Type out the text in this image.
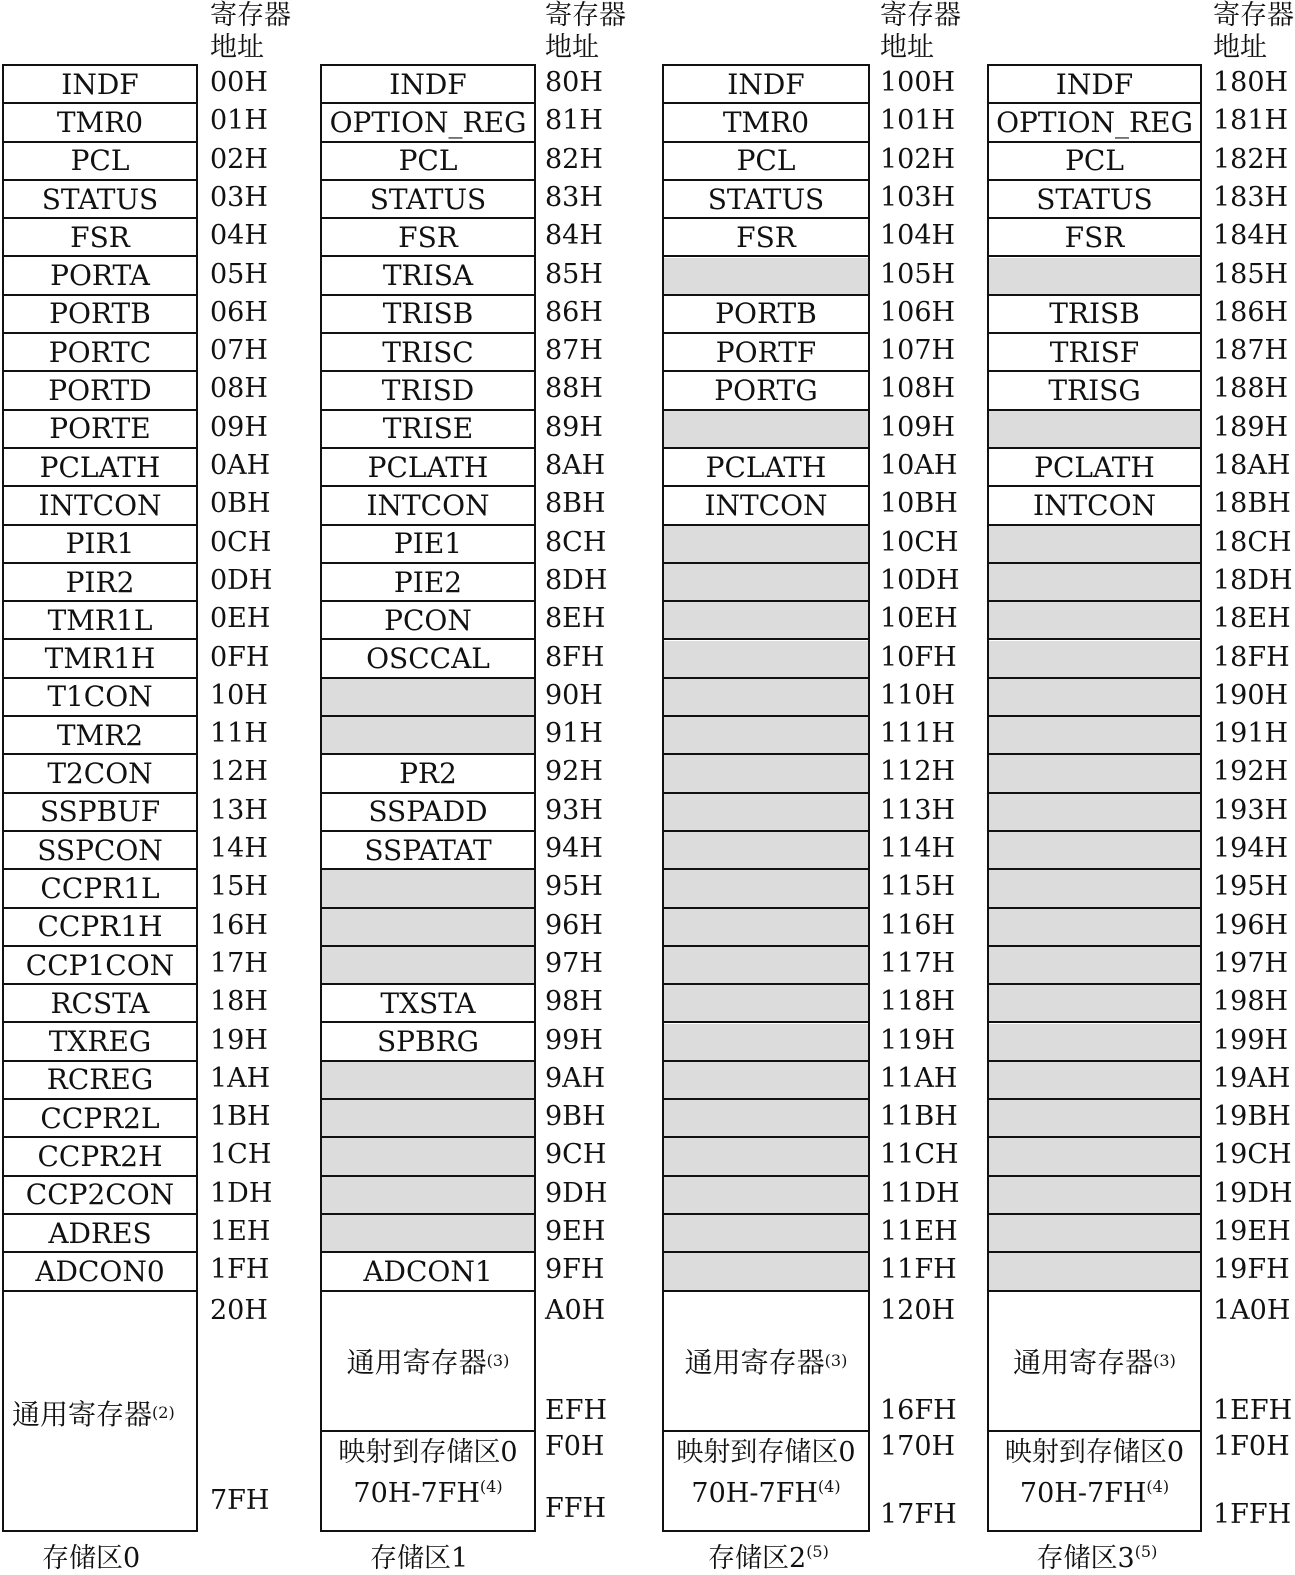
寄存器
地址
INDF
TMR0
PCL
STATUS
FSR
PORTA
PORTB
PORTC
PORTD
PORTE
PCLATH
INTCON
PIR1
PIR2
TMR1L
TMR1H
T1CON
TMR2
T2CON
SSPBUF
SSPCON
CCPR1L
CCPR1H
CCP1CON
RCSTA
TXREG
RCREG
CCPR2L
CCPR2H
CCP2CON
ADRES
ADCON0
通用寄存器 (2)
00H
01H
02H
03H
04H
05H
06H
07H
08H
09H
0AH
0BH
0CH
0DH
0EH
0FH
10H
11H
12H
13H
14H
15H
16H
17H
18H
19H
1AH
1BH
1CH
1DH
1EH
1FH
20H
7FH
存储区0
寄存器
地址
INDF
OPTION_REG
PCL
STATUS
FSR
TRISA
TRISB
TRISC
TRISD
TRISE
PCLATH
INTCON
PIE1
PIE2
PCON
OSCCAL
PR2
SSPADD
SSPATAT
TXSTA
SPBRG
ADCON1
通用寄存器 (3)
映射到存储区0
70H-7FH$^{(4)}$
80H
81H
82H
83H
84H
85H
86H
87H
88H
89H
8AH
8BH
8CH
8DH
8EH
8FH
90H
91H
92H
93H
94H
95H
96H
97H
98H
99H
9AH
9BH
9CH
9DH
9EH
9FH
A0H
EFH
F0H
FFH
存储区1
寄存器
地址
INDF
TMR0
PCL
STATUS
FSR
PORTB
PORTF
PORTG
PCLATH
INTCON
通用寄存器 (3)
映射到存储区0
70H-7FH$^{(4)}$
100H
101H
102H
103H
104H
105H
106H
107H
108H
109H
10AH
10BH
10CH
10DH
10EH
10FH
110H
111H
112H
113H
114H
115H
116H
117H
118H
119H
11AH
11BH
11CH
11DH
11EH
11FH
120H
16FH
170H
17FH
存储区2$^{(5)}$
寄存器
地址
INDF
OPTION_REG
PCL
STATUS
FSR
TRISB
TRISF
TRISG
PCLATH
INTCON
通用寄存器 (3)
映射到存储区0
70H-7FH$^{(4)}$
180H
181H
182H
183H
184H
185H
186H
187H
188H
189H
18AH
18BH
18CH
18DH
18EH
18FH
190H
191H
192H
193H
194H
195H
196H
197H
198H
199H
19AH
19BH
19CH
19DH
19EH
19FH
1A0H
1EFH
1F0H
1FFH
存储区3$^{(5)}$
